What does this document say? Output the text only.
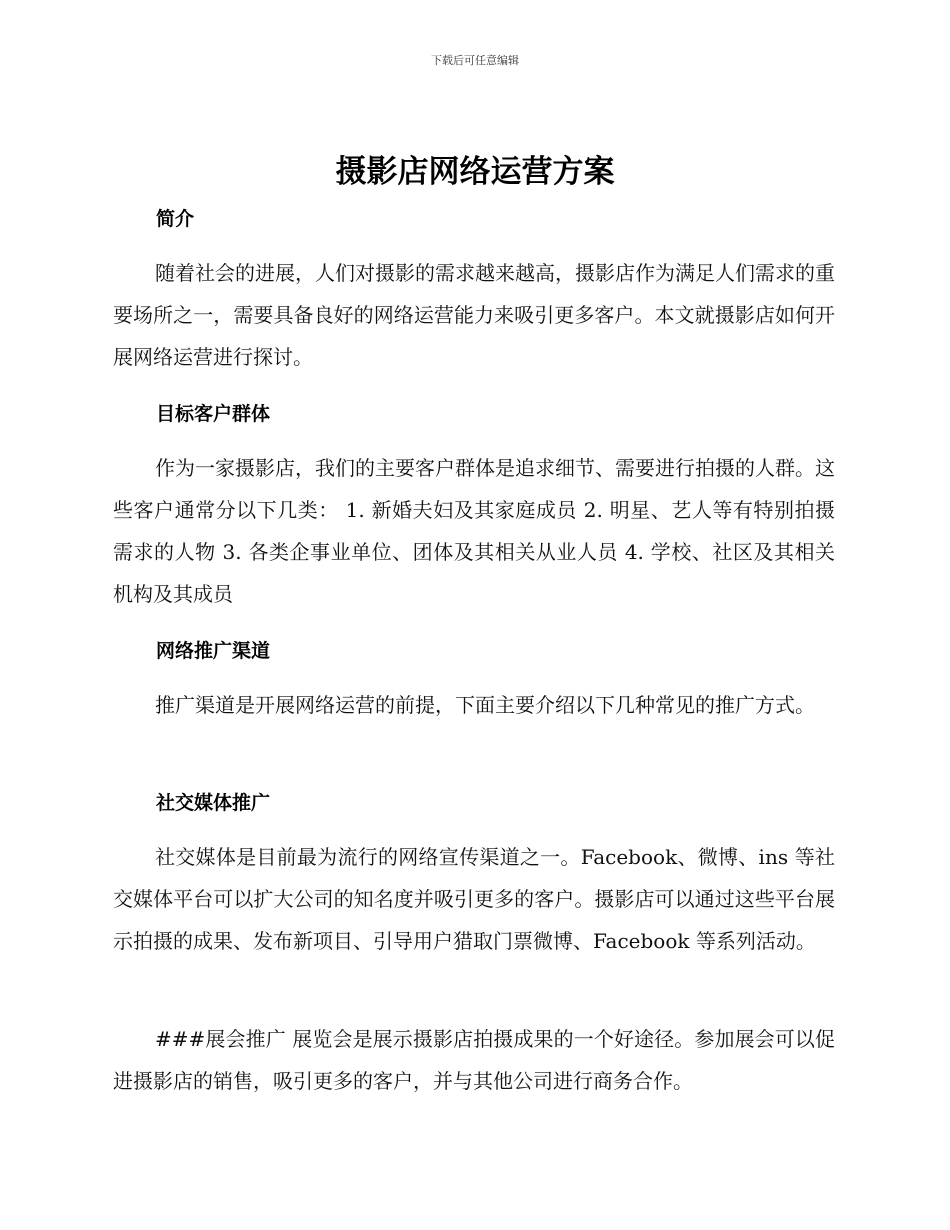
下载后可任意编辑
摄影店网络运营方案
简介

随着社会的进展，人们对摄影的需求越来越高，摄影店作为满足人们需求的重要场所之一，需要具备良好的网络运营能力来吸引更多客户。本文就摄影店如何开展网络运营进行探讨。

目标客户群体

作为一家摄影店，我们的主要客户群体是追求细节、需要进行拍摄的人群。这些客户通常分以下几类： 1. 新婚夫妇及其家庭成员 2. 明星、艺人等有特别拍摄需求的人物 3. 各类企事业单位、团体及其相关从业人员 4. 学校、社区及其相关机构及其成员

网络推广渠道

推广渠道是开展网络运营的前提，下面主要介绍以下几种常见的推广方式。

社交媒体推广

社交媒体是目前最为流行的网络宣传渠道之一。Facebook、微博、ins 等社交媒体平台可以扩大公司的知名度并吸引更多的客户。摄影店可以通过这些平台展示拍摄的成果、发布新项目、引导用户猎取门票微博、Facebook 等系列活动。

###展会推广 展览会是展示摄影店拍摄成果的一个好途径。参加展会可以促进摄影店的销售，吸引更多的客户，并与其他公司进行商务合作。
